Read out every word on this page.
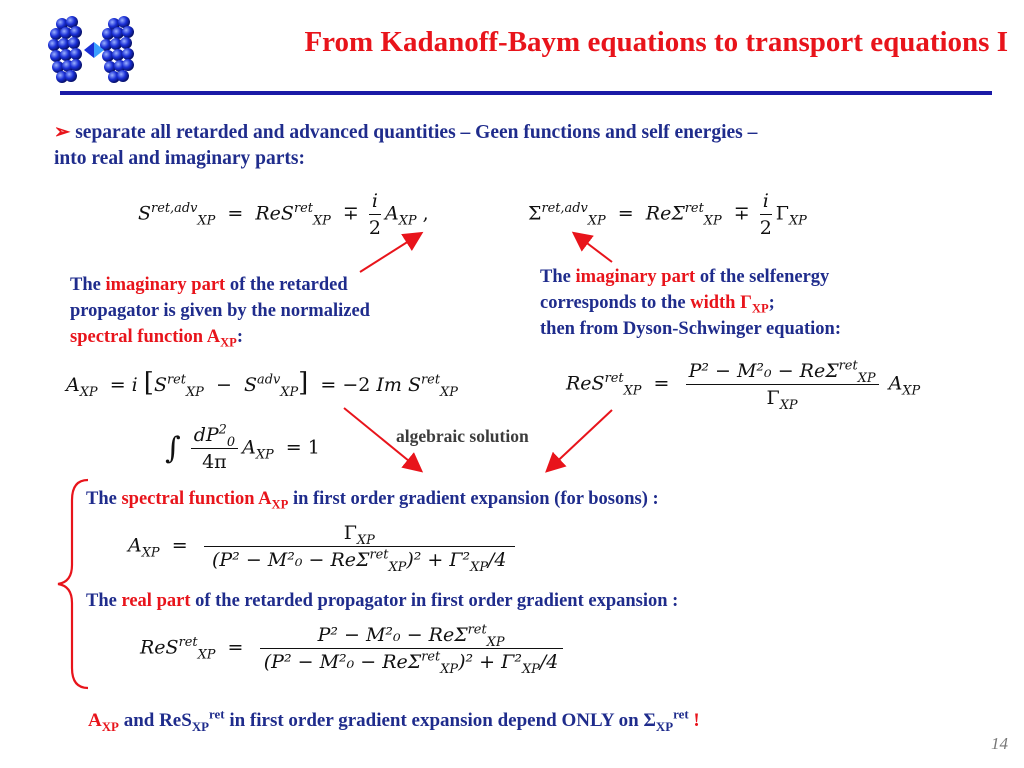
From Kadanoff-Baym equations to transport equations I
➢ separate all retarded and advanced quantities – Geen functions and self energies –
into real and imaginary parts:
$S^{ret,adv}_{XP} = ReS^{ret}_{XP} \mp \frac{i}{2} A_{XP}$ ,	$\Sigma^{ret,adv}_{XP} = Re\Sigma^{ret}_{XP} \mp \frac{i}{2} \Gamma_{XP}$
The imaginary part of the retarded
propagator is given by the normalized
spectral function $A_{XP}$:
The imaginary part of the selfenergy
corresponds to the width $\Gamma_{XP}$;
then from Dyson-Schwinger equation:
$A_{XP} = i$ $[S^{ret}_{XP} - S^{adv}_{XP}] = -2$ Im $S^{ret}_{XP}$
∫ $\frac{dP^2_0}{4\pi} A_{XP} = 1$
$ReS^{ret}_{XP} = \frac{P^2 - M^2_0 - Re\Sigma^{ret}_{XP}}{\Gamma_{XP}} A_{XP}$
algebraic solution
The spectral function $A_{XP}$ in first order gradient expansion (for bosons) :
$A_{XP} = \frac{\Gamma_{XP}}{(P^2 - M^2_0 - Re\Sigma^{ret}_{XP})^2 + \Gamma^2_{XP}/4}$
The real part of the retarded propagator in first order gradient expansion :
$ReS^{ret}_{XP} = \frac{P^2 - M^2_0 - Re\Sigma^{ret}_{XP}}{(P^2 - M^2_0 - Re\Sigma^{ret}_{XP})^2 + \Gamma^2_{XP}/4}$
$A_{XP}$ and ReS$_{XP}^{ret}$ in first order gradient expansion depend ONLY on $\Sigma_{XP}^{ret}$ !
14
